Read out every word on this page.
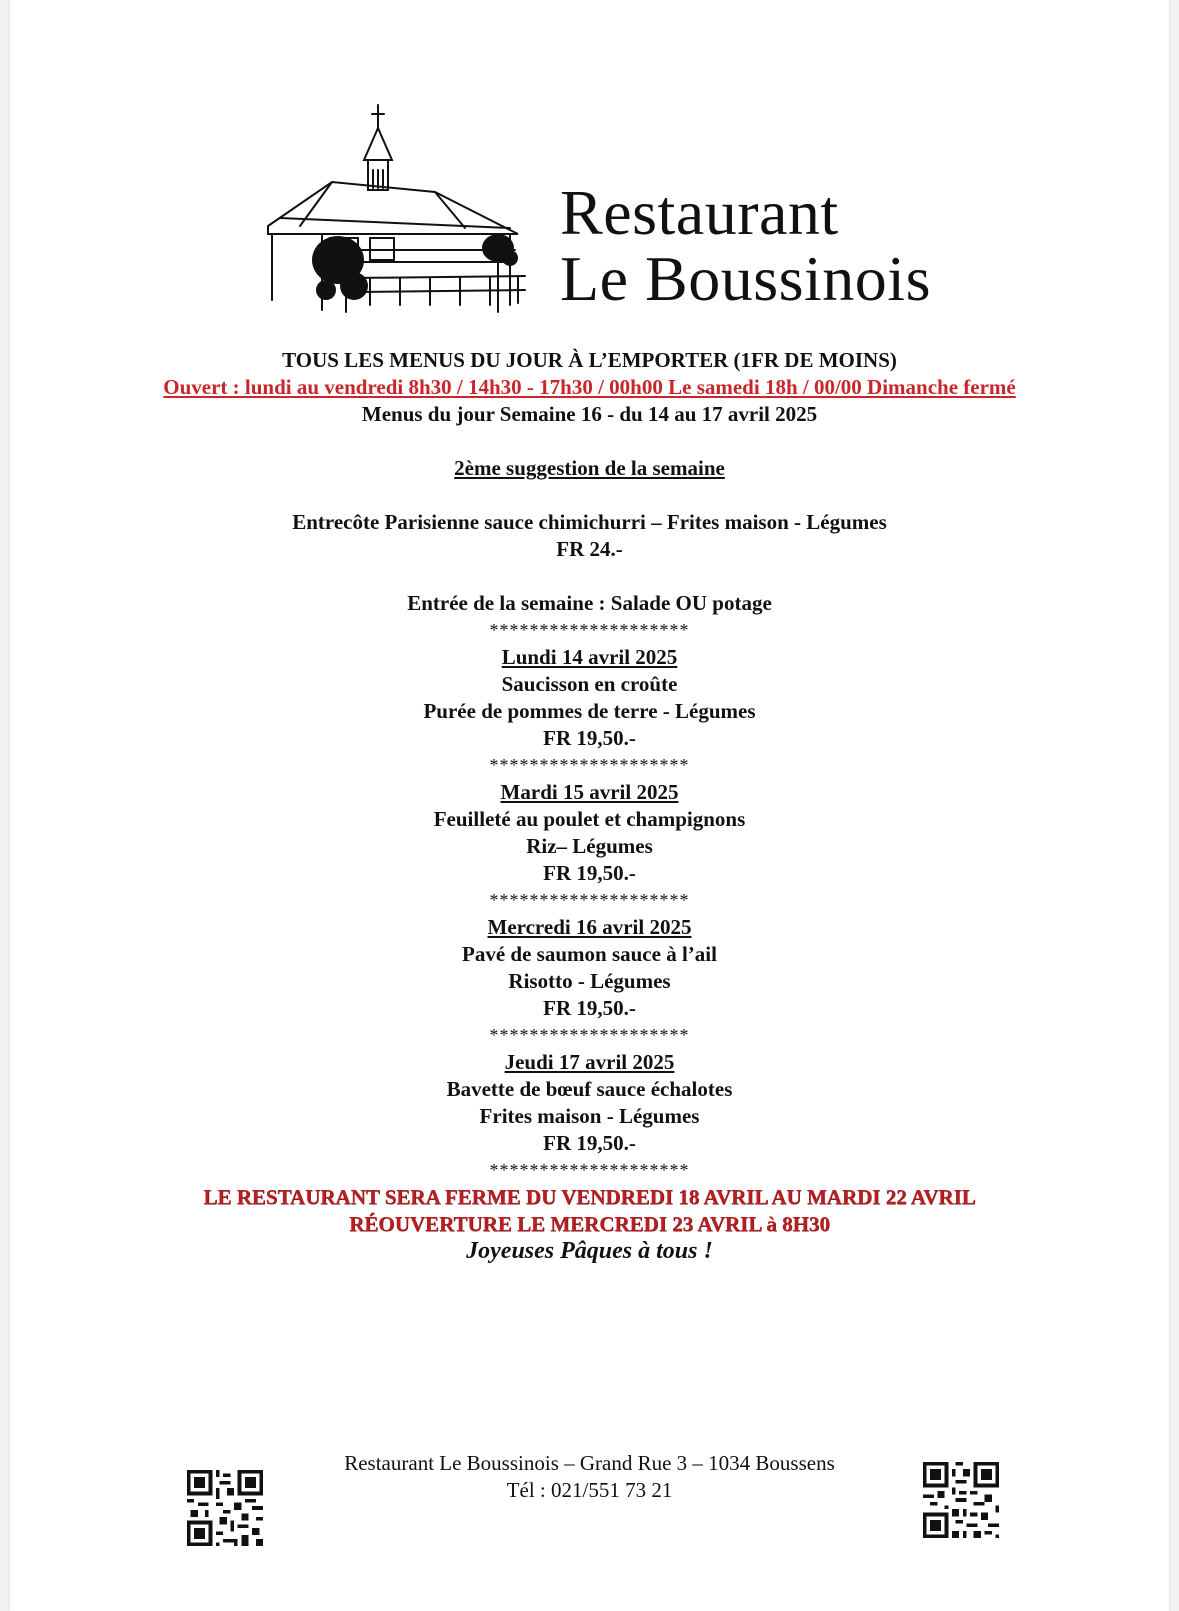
Restaurant
Le Boussinois

TOUS LES MENUS DU JOUR À L’EMPORTER (1FR DE MOINS)

Ouvert : lundi au vendredi 8h30 / 14h30 - 17h30 / 00h00 Le samedi 18h / 00/00 Dimanche fermé

Menus du jour Semaine 16 - du 14 au 17 avril 2025

2ème suggestion de la semaine

Entrecôte Parisienne sauce chimichurri – Frites maison - Légumes

FR 24.-

Entrée de la semaine : Salade OU potage

********************

Lundi 14 avril 2025

Saucisson en croûte

Purée de pommes de terre - Légumes

FR 19,50.-

********************

Mardi 15 avril 2025

Feuilleté au poulet et champignons

Riz– Légumes

FR 19,50.-

********************

Mercredi 16 avril 2025

Pavé de saumon sauce à l’ail

Risotto - Légumes

FR 19,50.-

********************

Jeudi 17 avril 2025

Bavette de bœuf sauce échalotes

Frites maison - Légumes

FR 19,50.-

********************

LE RESTAURANT SERA FERME DU VENDREDI 18 AVRIL AU MARDI 22 AVRIL

RÉOUVERTURE LE MERCREDI 23 AVRIL à 8H30

Joyeuses Pâques à tous !

Restaurant Le Boussinois – Grand Rue 3 – 1034 Boussens
Tél : 021/551 73 21
